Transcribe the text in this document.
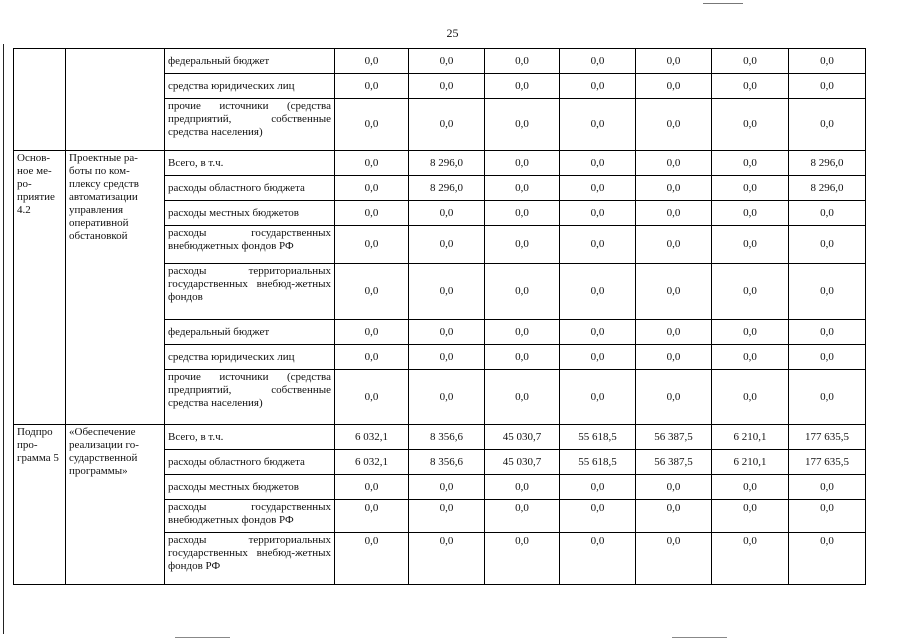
25
		федеральный бюджет	0,0	0,0	0,0	0,0	0,0	0,0	0,0
		средства юридических лиц	0,0	0,0	0,0	0,0	0,0	0,0	0,0
		прочие источники (средства предприятий, собственные средства населения)	0,0	0,0	0,0	0,0	0,0	0,0	0,0
Основ-ное ме-ро-приятие 4.2	Проектные ра-боты по ком-плексу средств автоматизации управления оперативной обстановкой	Всего, в т.ч.	0,0	8 296,0	0,0	0,0	0,0	0,0	8 296,0
		расходы областного бюджета	0,0	8 296,0	0,0	0,0	0,0	0,0	8 296,0
		расходы местных бюджетов	0,0	0,0	0,0	0,0	0,0	0,0	0,0
		расходы государственных внебюджетных фондов РФ	0,0	0,0	0,0	0,0	0,0	0,0	0,0
		расходы территориальных государственных внебюд-жетных фондов	0,0	0,0	0,0	0,0	0,0	0,0	0,0
		федеральный бюджет	0,0	0,0	0,0	0,0	0,0	0,0	0,0
		средства юридических лиц	0,0	0,0	0,0	0,0	0,0	0,0	0,0
		прочие источники (средства предприятий, собственные средства населения)	0,0	0,0	0,0	0,0	0,0	0,0	0,0
Подпро про-грамма 5	«Обеспечение реализации го-сударственной программы»	Всего, в т.ч.	6 032,1	8 356,6	45 030,7	55 618,5	56 387,5	6 210,1	177 635,5
		расходы областного бюджета	6 032,1	8 356,6	45 030,7	55 618,5	56 387,5	6 210,1	177 635,5
		расходы местных бюджетов	0,0	0,0	0,0	0,0	0,0	0,0	0,0
		расходы государственных внебюджетных фондов РФ	0,0	0,0	0,0	0,0	0,0	0,0	0,0
		расходы территориальных государственных внебюд-жетных фондов РФ	0,0	0,0	0,0	0,0	0,0	0,0	0,0
